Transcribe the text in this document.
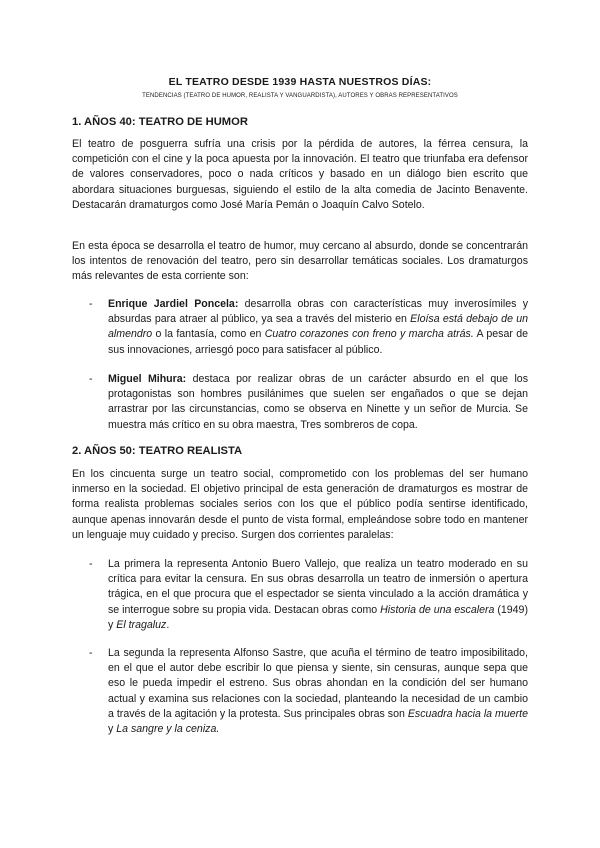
EL TEATRO DESDE 1939 HASTA NUESTROS DÍAS:
TENDENCIAS (TEATRO DE HUMOR, REALISTA Y VANGUARDISTA), AUTORES Y OBRAS REPRESENTATIVOS
1. AÑOS 40: TEATRO DE HUMOR

El teatro de posguerra sufría una crisis por la pérdida de autores, la férrea censura, la competición con el cine y la poca apuesta por la innovación. El teatro que triunfaba era defensor de valores conservadores, poco o nada críticos y basado en un diálogo bien escrito que abordara situaciones burguesas, siguiendo el estilo de la alta comedia de Jacinto Benavente. Destacarán dramaturgos como José María Pemán o Joaquín Calvo Sotelo.

En esta época se desarrolla el teatro de humor, muy cercano al absurdo, donde se concentrarán los intentos de renovación del teatro, pero sin desarrollar temáticas sociales. Los dramaturgos más relevantes de esta corriente son:

- Enrique Jardiel Poncela: desarrolla obras con características muy inverosímiles y absurdas para atraer al público, ya sea a través del misterio en Eloísa está debajo de un almendro o la fantasía, como en Cuatro corazones con freno y marcha atrás. A pesar de sus innovaciones, arriesgó poco para satisfacer al público.

- Miguel Mihura: destaca por realizar obras de un carácter absurdo en el que los protagonistas son hombres pusilánimes que suelen ser engañados o que se dejan arrastrar por las circunstancias, como se observa en Ninette y un señor de Murcia. Se muestra más crítico en su obra maestra, Tres sombreros de copa.

2. AÑOS 50: TEATRO REALISTA

En los cincuenta surge un teatro social, comprometido con los problemas del ser humano inmerso en la sociedad. El objetivo principal de esta generación de dramaturgos es mostrar de forma realista problemas sociales serios con los que el público podía sentirse identificado, aunque apenas innovarán desde el punto de vista formal, empleándose sobre todo en mantener un lenguaje muy cuidado y preciso. Surgen dos corrientes paralelas:

- La primera la representa Antonio Buero Vallejo, que realiza un teatro moderado en su crítica para evitar la censura. En sus obras desarrolla un teatro de inmersión o apertura trágica, en el que procura que el espectador se sienta vinculado a la acción dramática y se interrogue sobre su propia vida. Destacan obras como Historia de una escalera (1949) y El tragaluz.

- La segunda la representa Alfonso Sastre, que acuña el término de teatro imposibilitado, en el que el autor debe escribir lo que piensa y siente, sin censuras, aunque sepa que eso le pueda impedir el estreno. Sus obras ahondan en la condición del ser humano actual y examina sus relaciones con la sociedad, planteando la necesidad de un cambio a través de la agitación y la protesta. Sus principales obras son Escuadra hacia la muerte y La sangre y la ceniza.
